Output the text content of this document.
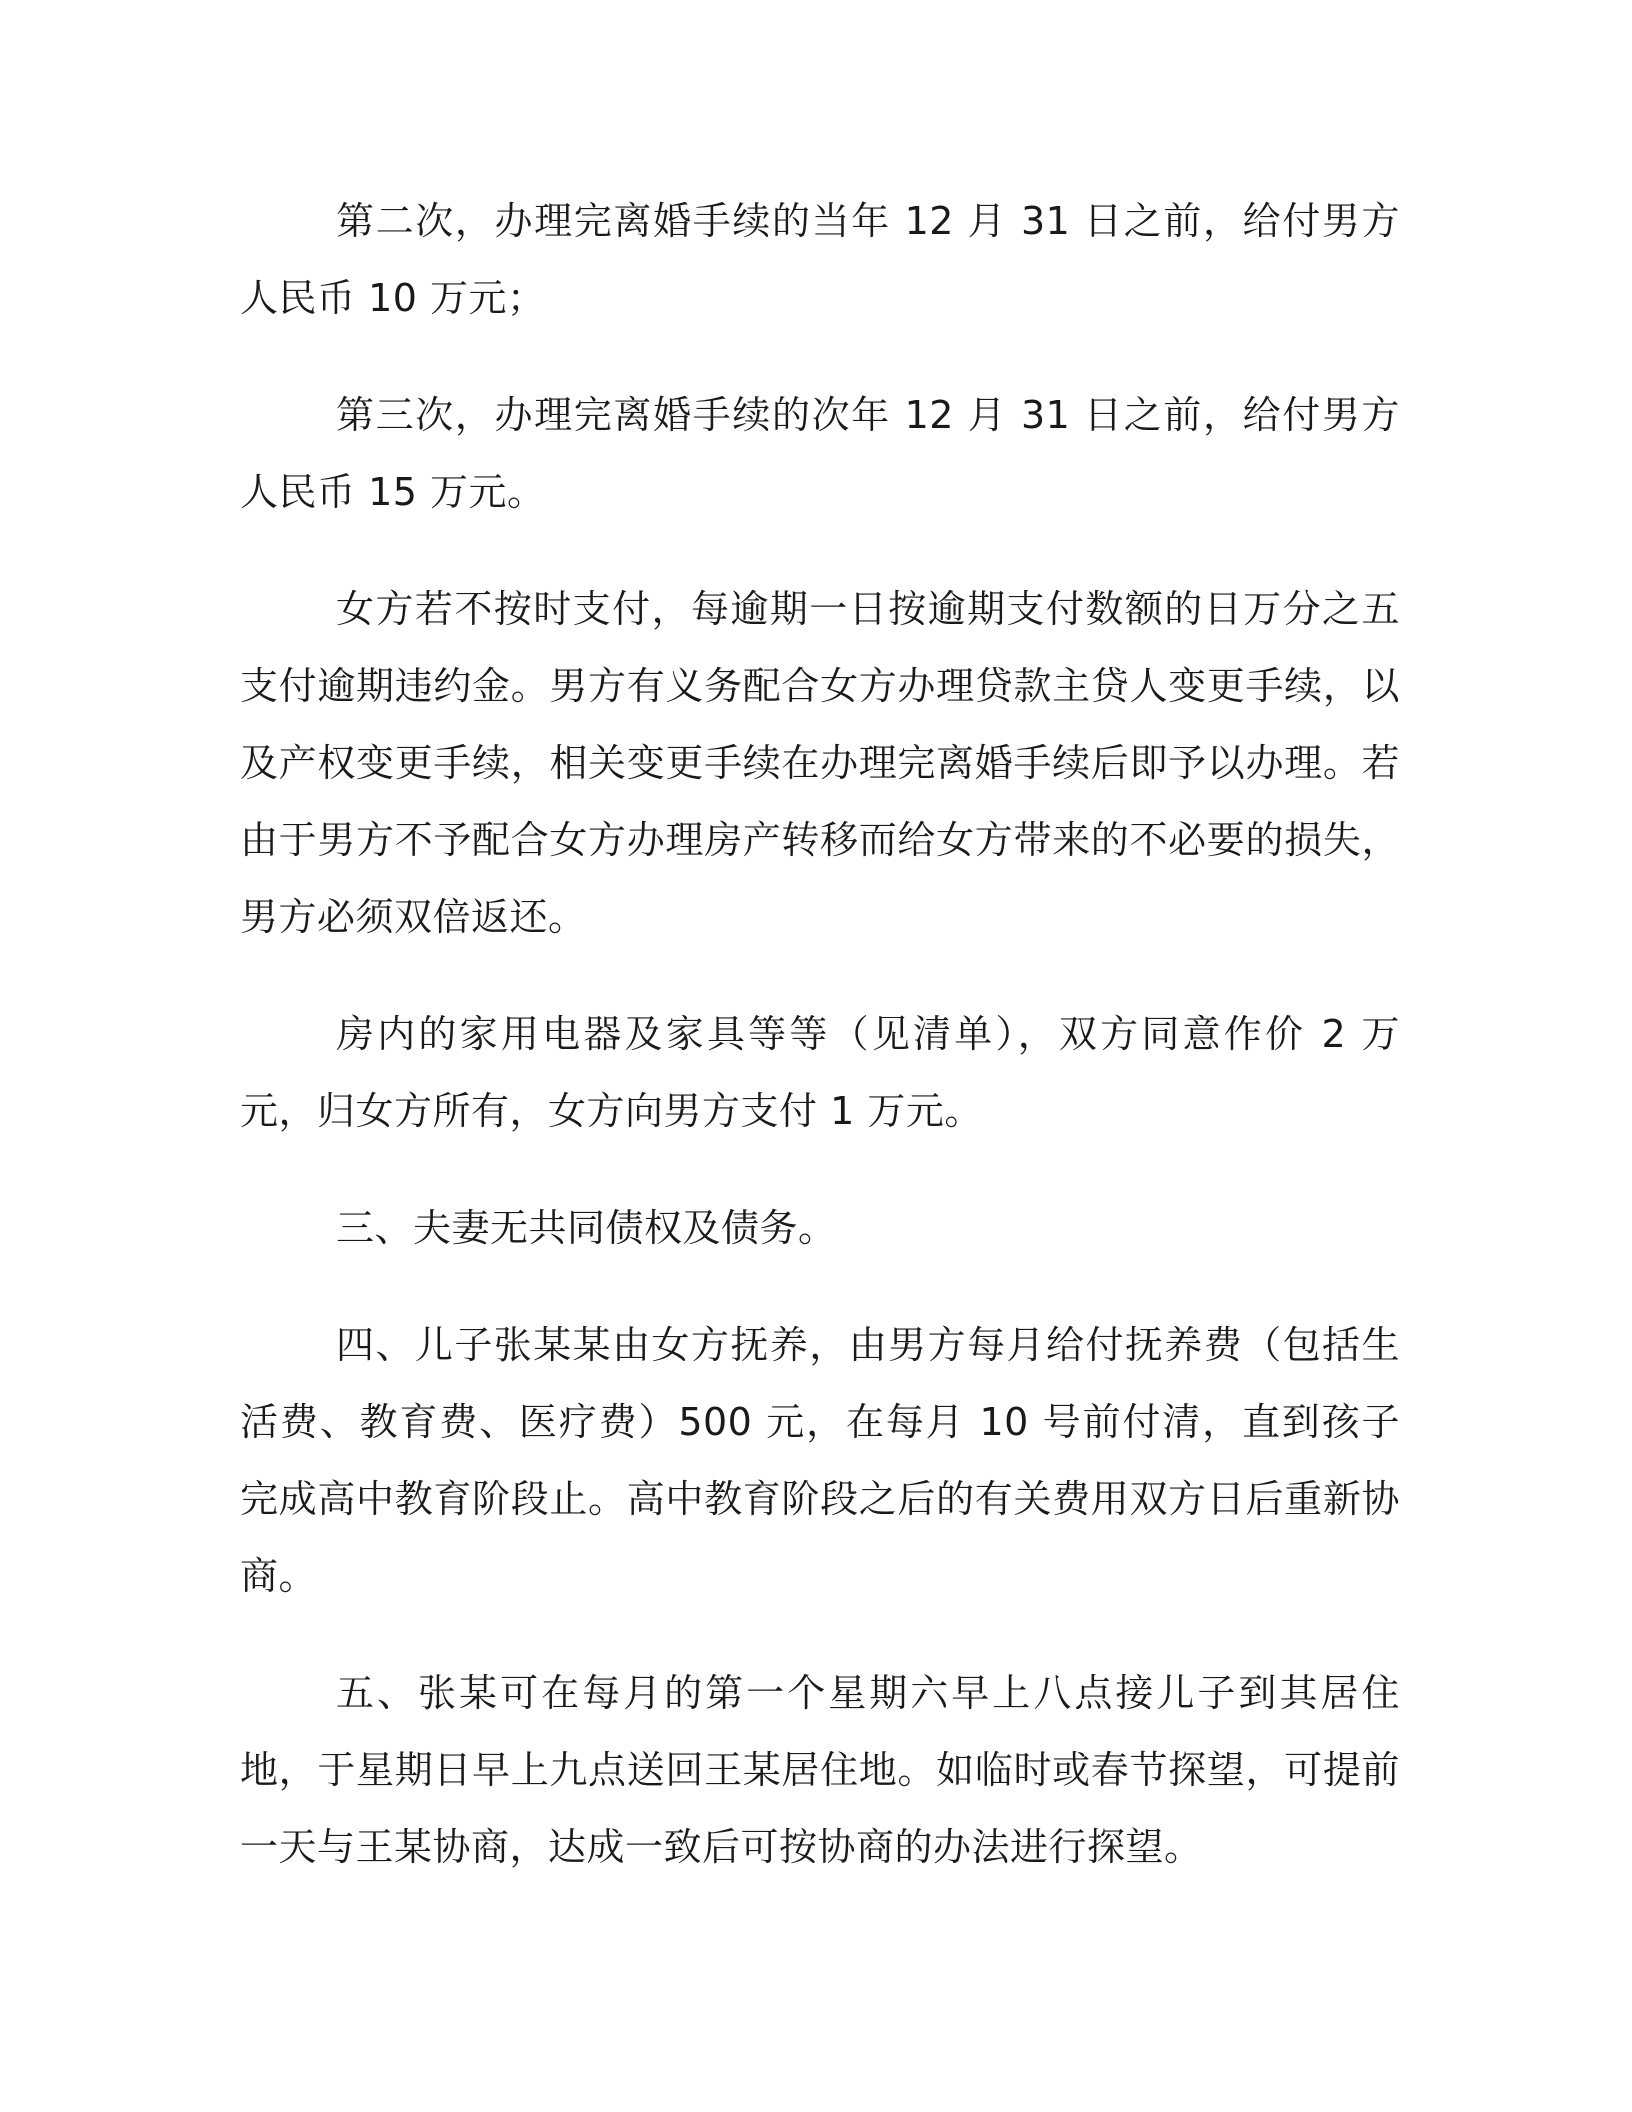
第二次，办理完离婚手续的当年 12 月 31 日之前，给付男方人民币 10 万元；

第三次，办理完离婚手续的次年 12 月 31 日之前，给付男方人民币 15 万元。

女方若不按时支付，每逾期一日按逾期支付数额的日万分之五支付逾期违约金。男方有义务配合女方办理贷款主贷人变更手续，以及产权变更手续，相关变更手续在办理完离婚手续后即予以办理。若由于男方不予配合女方办理房产转移而给女方带来的不必要的损失，男方必须双倍返还。

房内的家用电器及家具等等（见清单），双方同意作价 2 万元，归女方所有，女方向男方支付 1 万元。

三、夫妻无共同债权及债务。

四、儿子张某某由女方抚养，由男方每月给付抚养费（包括生活费、教育费、医疗费）500 元，在每月 10 号前付清，直到孩子完成高中教育阶段止。高中教育阶段之后的有关费用双方日后重新协商。

五、张某可在每月的第一个星期六早上八点接儿子到其居住地，于星期日早上九点送回王某居住地。如临时或春节探望，可提前一天与王某协商，达成一致后可按协商的办法进行探望。
